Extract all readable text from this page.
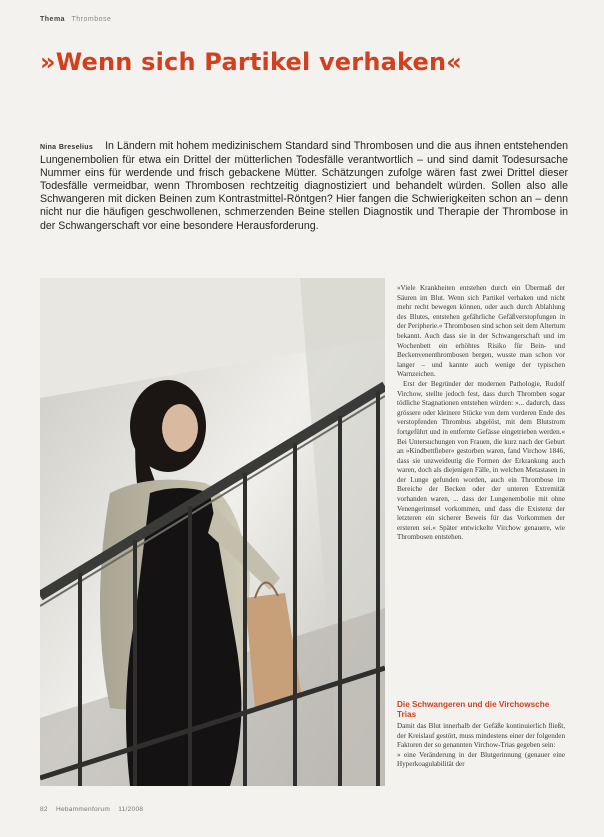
Thema Thrombose
»Wenn sich Partikel verhaken«
Nina Breselius In Ländern mit hohem medizinischem Standard sind Thrombosen und die aus ihnen entstehenden Lungenembolien für etwa ein Drittel der mütterlichen Todesfälle verantwortlich – und sind damit Todesursache Nummer eins für werdende und frisch gebackene Mütter. Schätzungen zufolge wären fast zwei Drittel dieser Todesfälle vermeidbar, wenn Thrombosen rechtzeitig diagnostiziert und behandelt würden. Sollen also alle Schwangeren mit dicken Beinen zum Kontrastmittel-Röntgen? Hier fangen die Schwierigkeiten schon an – denn nicht nur die häufigen geschwollenen, schmerzenden Beine stellen Diagnostik und Therapie der Thrombose in der Schwangerschaft vor eine besondere Herausforderung.

»Viele Krankheiten entstehen durch ein Übermaß der Säuren im Blut. Wenn sich Partikel verhaken und nicht mehr recht bewegen können, oder auch durch Ablahlung des Blutes, entstehen gefährliche Gefäßverstopfungen in der Peripherie.« Thrombosen sind schon seit dem Altertum bekannt. Auch dass sie in der Schwangerschaft und im Wochenbett ein erhöhtes Risiko für Bein- und Beckenvenenthrombosen bergen, wusste man schon vor langer – und kannte auch wenige der typischen Warnzeichen.

Erst der Begründer der modernen Pathologie, Rudolf Virchow, stellte jedoch fest, dass durch Thromben sogar tödliche Stagnationen entstehen würden: »... dadurch, dass grössere oder kleinere Stücke von dem vorderen Ende des verstopfenden Thrombus abgelöst, mit dem Blutstrom fortgeführt und in entfernte Gefässe eingetrieben werden.« Bei Untersuchungen von Frauen, die kurz nach der Geburt an »Kindbettfieber« gestorben waren, fand Virchow 1846, dass sie unzweideutig die Formen der Erkrankung auch waren, doch als diejenigen Fälle, in welchen Metastasen in der Lunge gefunden worden, auch ein Thrombose im Bereiche der Becken oder der unteren Extremität vorhanden waren, ... dass der Lungenembolie mit ohne Venengerinnsel vorkommen, und dass die Existenz der letzteren ein sicherer Beweis für das Vorkommen der ersteren sei.« Später entwickelte Virchow genauere, wie Thrombosen entstehen.

Die Schwangeren und die Virchowsche Trias

Damit das Blut innerhalb der Gefäße kontinuierlich fließt, der Kreislauf gestört, muss mindestens einer der folgenden Faktoren der so genannten Virchow-Trias gegeben sein:

» eine Veränderung in der Blutgerinnung (genauer eine Hyperkoagulabilität der

82 Hebammenforum 11/2008
